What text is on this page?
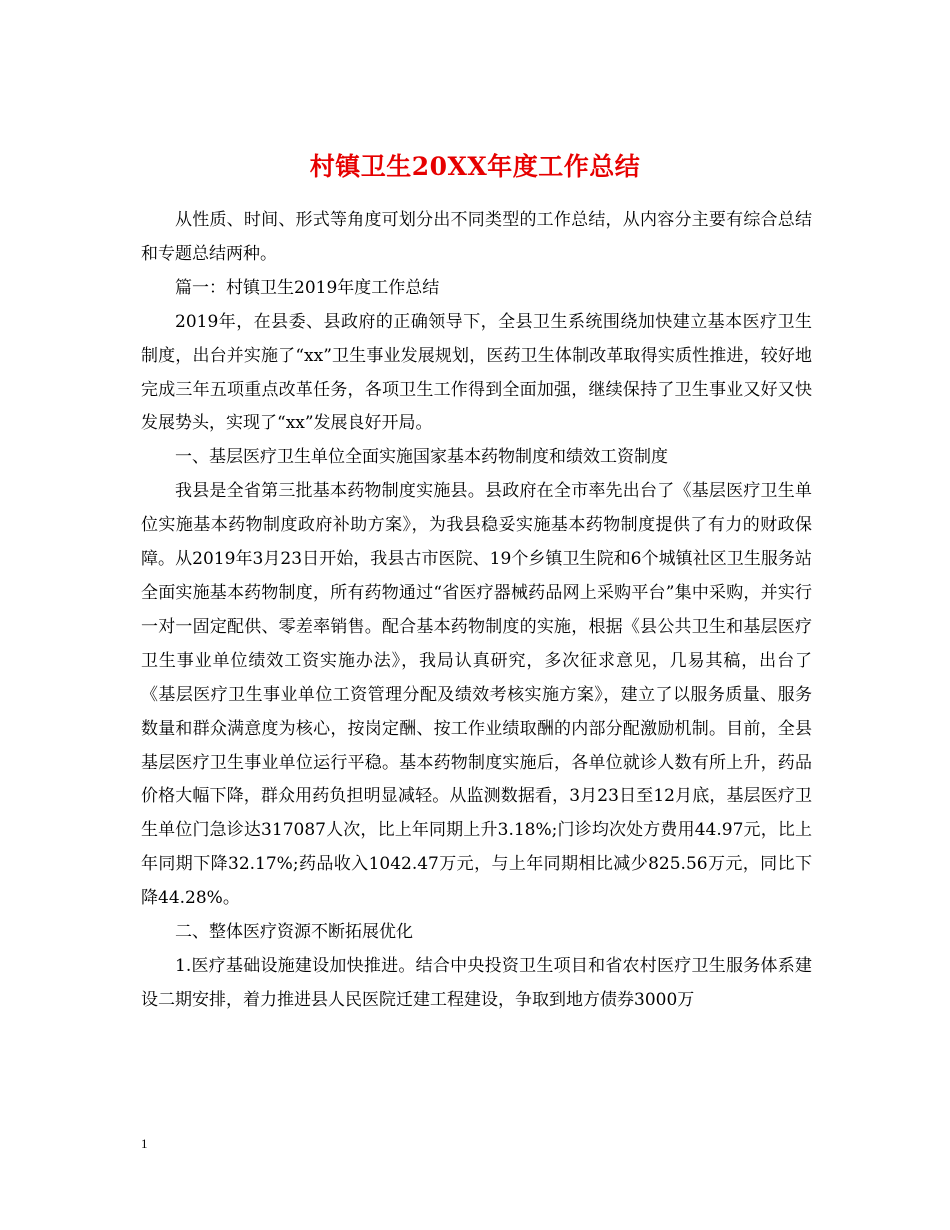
村镇卫生20XX年度工作总结

从性质、时间、形式等角度可划分出不同类型的工作总结，从内容分主要有综合总结和专题总结两种。

篇一：村镇卫生2019年度工作总结

2019年，在县委、县政府的正确领导下，全县卫生系统围绕加快建立基本医疗卫生制度，出台并实施了“xx”卫生事业发展规划，医药卫生体制改革取得实质性推进，较好地完成三年五项重点改革任务，各项卫生工作得到全面加强，继续保持了卫生事业又好又快发展势头，实现了“xx”发展良好开局。

一、基层医疗卫生单位全面实施国家基本药物制度和绩效工资制度

我县是全省第三批基本药物制度实施县。县政府在全市率先出台了《基层医疗卫生单位实施基本药物制度政府补助方案》，为我县稳妥实施基本药物制度提供了有力的财政保障。从2019年3月23日开始，我县古市医院、19个乡镇卫生院和6个城镇社区卫生服务站全面实施基本药物制度，所有药物通过“省医疗器械药品网上采购平台”集中采购，并实行一对一固定配供、零差率销售。配合基本药物制度的实施，根据《县公共卫生和基层医疗卫生事业单位绩效工资实施办法》，我局认真研究，多次征求意见，几易其稿，出台了《基层医疗卫生事业单位工资管理分配及绩效考核实施方案》，建立了以服务质量、服务数量和群众满意度为核心，按岗定酬、按工作业绩取酬的内部分配激励机制。目前，全县基层医疗卫生事业单位运行平稳。基本药物制度实施后，各单位就诊人数有所上升，药品价格大幅下降，群众用药负担明显减轻。从监测数据看，3月23日至12月底，基层医疗卫生单位门急诊达317087人次，比上年同期上升3.18%;门诊均次处方费用44.97元，比上年同期下降32.17%;药品收入1042.47万元，与上年同期相比减少825.56万元，同比下降44.28%。

二、整体医疗资源不断拓展优化

1.医疗基础设施建设加快推进。结合中央投资卫生项目和省农村医疗卫生服务体系建设二期安排，着力推进县人民医院迁建工程建设，争取到地方债券3000万

1
